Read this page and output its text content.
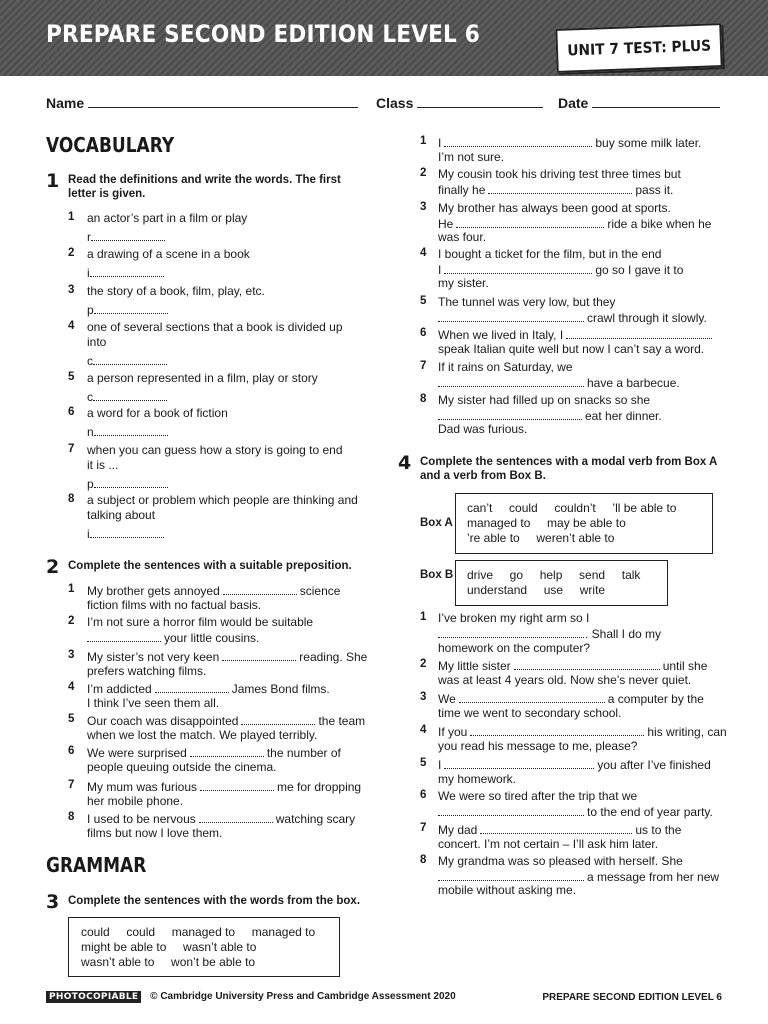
PREPARE SECOND EDITION LEVEL 6	UNIT 7 TEST: PLUS
Name	Class	Date
VOCABULARY
1 Read the definitions and write the words. The first
letter is given.
1 an actor’s part in a film or play
r
2 a drawing of a scene in a book
i
3 the story of a book, film, play, etc.
p
4 one of several sections that a book is divided up
into
c
5 a person represented in a film, play or story
c
6 a word for a book of fiction
n
7 when you can guess how a story is going to end
it is ...
p
8 a subject or problem which people are thinking and
talking about
i
2 Complete the sentences with a suitable preposition.
1 My brother gets annoyed	science
fiction films with no factual basis.
2 I’m not sure a horror film would be suitable
your little cousins.
3 My sister’s not very keen	reading. She
prefers watching films.
4 I’m addicted	James Bond films.
I think I’ve seen them all.
5 Our coach was disappointed	the team
when we lost the match. We played terribly.
6 We were surprised	the number of
people queuing outside the cinema.
7 My mum was furious	me for dropping
her mobile phone.
8 I used to be nervous	watching scary
films but now I love them.
GRAMMAR
3 Complete the sentences with the words from the box.
could     could     managed to     managed to
might be able to     wasn’t able to
wasn’t able to     won’t be able to
1 I	buy some milk later.
I’m not sure.
2 My cousin took his driving test three times but
finally he	pass it.
3 My brother has always been good at sports.
He	ride a bike when he
was four.
4 I bought a ticket for the film, but in the end
I	go so I gave it to
my sister.
5 The tunnel was very low, but they
crawl through it slowly.
6 When we lived in Italy, I
speak Italian quite well but now I can’t say a word.
7 If it rains on Saturday, we
have a barbecue.
8 My sister had filled up on snacks so she
eat her dinner.
Dad was furious.
4 Complete the sentences with a modal verb from Box A
and a verb from Box B.
Box A
can’t     could     couldn’t     ’ll be able to
managed to     may be able to
’re able to     weren’t able to
Box B drive     go     help     send     talk
understand     use     write
1 I’ve broken my right arm so I
. Shall I do my
homework on the computer?
2 My little sister	until she
was at least 4 years old. Now she’s never quiet.
3 We	a computer by the
time we went to secondary school.
4 If you	his writing, can
you read his message to me, please?
5 I	you after I’ve finished
my homework.
6 We were so tired after the trip that we
to the end of year party.
7 My dad	us to the
concert. I’m not certain – I’ll ask him later.
8 My grandma was so pleased with herself. She
a message from her new
mobile without asking me.
PHOTOCOPIABLE © Cambridge University Press and Cambridge Assessment 2020	PREPARE SECOND EDITION LEVEL 6
